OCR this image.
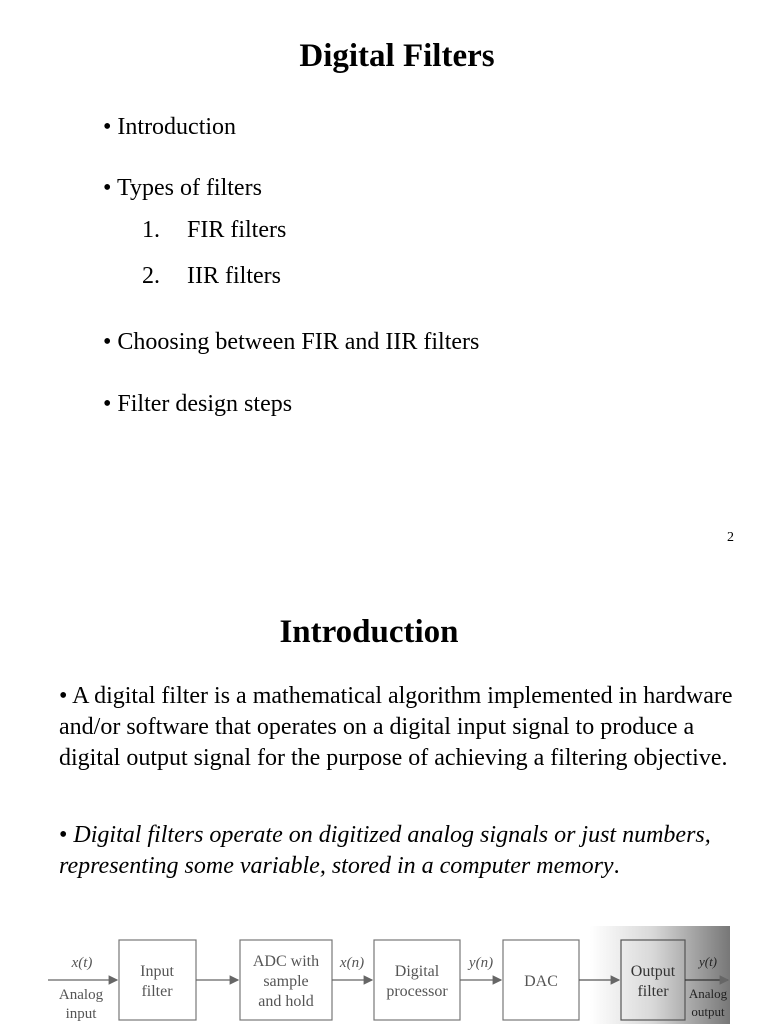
Digital Filters
• Introduction
• Types of filters
1. FIR filters
2. IIR filters
• Choosing between FIR and IIR filters
• Filter design steps
2
Introduction
• A digital filter is a mathematical algorithm implemented in hardware and/or software that operates on a digital input signal to produce a digital output signal for the purpose of achieving a filtering objective.
• Digital filters operate on digitized analog signals or just numbers, representing some variable, stored in a computer memory.
x(t)
Analog
input
Input
filter
ADC with
sample
and hold
x(n) Digital
processor
y(n)
DAC
Output
filter
y(t)
Analog
output
